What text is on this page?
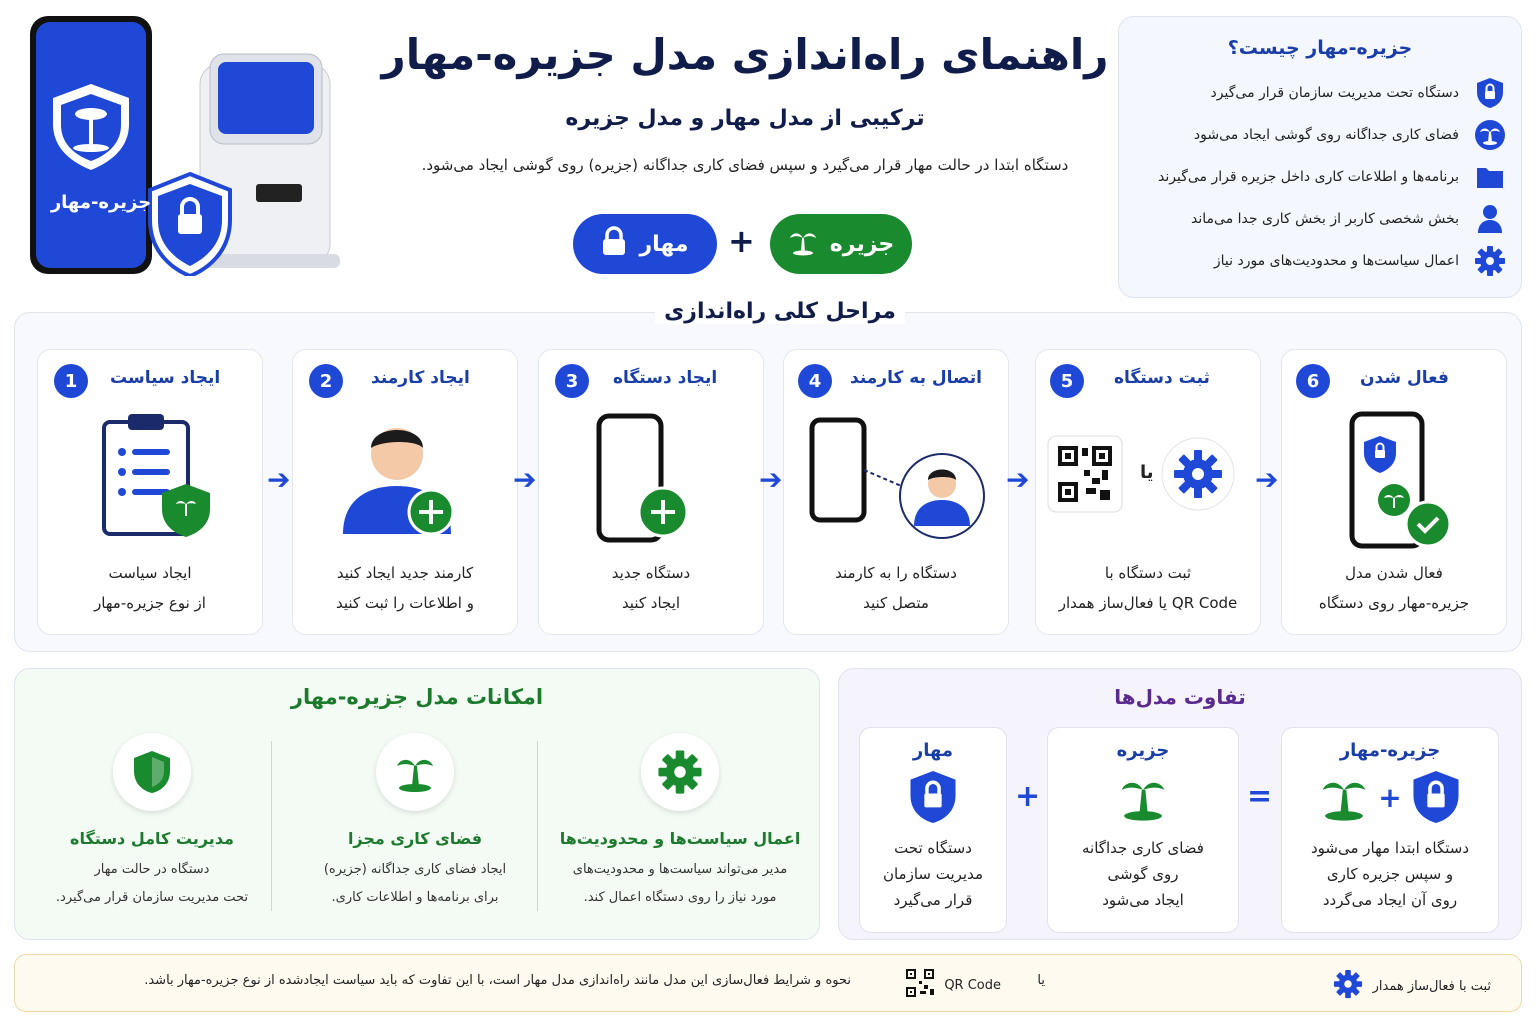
جزیره-مهار
راهنمای راه‌اندازی مدل جزیره-مهار
ترکیبی از مدل مهار و مدل جزیره
دستگاه ابتدا در حالت مهار قرار می‌گیرد و سپس فضای کاری جداگانه (جزیره) روی گوشی ایجاد می‌شود.
جزیره
+
مهار
جزیره-مهار چیست؟
دستگاه تحت مدیریت سازمان قرار می‌گیرد
فضای کاری جداگانه روی گوشی ایجاد می‌شود
برنامه‌ها و اطلاعات کاری داخل جزیره قرار می‌گیرند
بخش شخصی کاربر از بخش کاری جدا می‌ماند
اعمال سیاست‌ها و محدودیت‌های مورد نیاز
مراحل کلی راه‌اندازی
1	ایجاد سیاست
ایجاد سیاست
از نوع جزیره-مهار
➔
2	ایجاد کارمند
کارمند جدید ایجاد کنید
و اطلاعات را ثبت کنید
➔
3	ایجاد دستگاه
دستگاه جدید
ایجاد کنید
➔
4	اتصال به کارمند
دستگاه را به کارمند
متصل کنید
➔
5	ثبت دستگاه
یا
ثبت دستگاه با
QR Code یا فعال‌ساز همدار
➔
6	فعال شدن
فعال شدن مدل
جزیره-مهار روی دستگاه
امکانات مدل جزیره-مهار
مدیریت کامل دستگاه
دستگاه در حالت مهار
تحت مدیریت سازمان قرار می‌گیرد.
فضای کاری مجزا
ایجاد فضای کاری جداگانه (جزیره)
برای برنامه‌ها و اطلاعات کاری.
اعمال سیاست‌ها و محدودیت‌ها
مدیر می‌تواند سیاست‌ها و محدودیت‌های
مورد نیاز را روی دستگاه اعمال کند.
تفاوت مدل‌ها
مهار
دستگاه تحت
مدیریت سازمان
قرار می‌گیرد
+
جزیره
فضای کاری جداگانه
روی گوشی
ایجاد می‌شود
=
جزیره-مهار
+
دستگاه ابتدا مهار می‌شود
و سپس جزیره کاری
روی آن ایجاد می‌گردد
ثبت با فعال‌ساز همدار
یا
QR Code
نحوه و شرایط فعال‌سازی این مدل مانند راه‌اندازی مدل مهار است، با این تفاوت که باید سیاست ایجادشده از نوع جزیره-مهار باشد.
